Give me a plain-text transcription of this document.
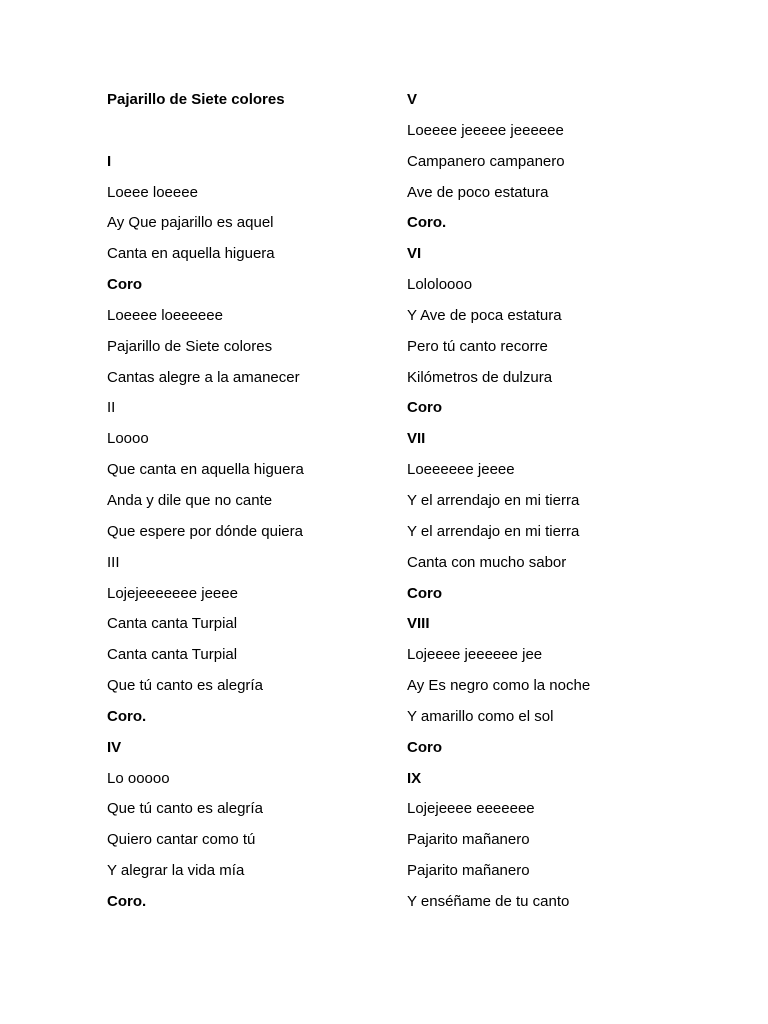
Pajarillo de Siete colores
I
Loeee loeeee
Ay Que pajarillo es aquel
Canta en aquella higuera
Coro
Loeeee loeeeeee
Pajarillo de Siete colores
Cantas alegre a la amanecer
II
Loooo
Que canta en aquella higuera
Anda y dile que no cante
Que espere por dónde quiera
III
Lojejeeeeeee jeeee
Canta canta Turpial
Canta canta Turpial
Que tú canto es alegría
Coro.
IV
Lo ooooo
Que tú canto es alegría
Quiero cantar como tú
Y alegrar la vida mía
Coro.
V
Loeeee jeeeee jeeeeee
Campanero campanero
Ave de poco estatura
Coro.
VI
Lololoooo
Y Ave de poca estatura
Pero tú canto recorre
Kilómetros de dulzura
Coro
VII
Loeeeeee jeeee
Y el arrendajo en mi tierra
Y el arrendajo en mi tierra
Canta con mucho sabor
Coro
VIII
Lojeeee jeeeeee jee
Ay Es negro como la noche
Y amarillo como el sol
Coro
IX
Lojejeeee eeeeeee
Pajarito mañanero
Pajarito mañanero
Y enséñame de tu canto
